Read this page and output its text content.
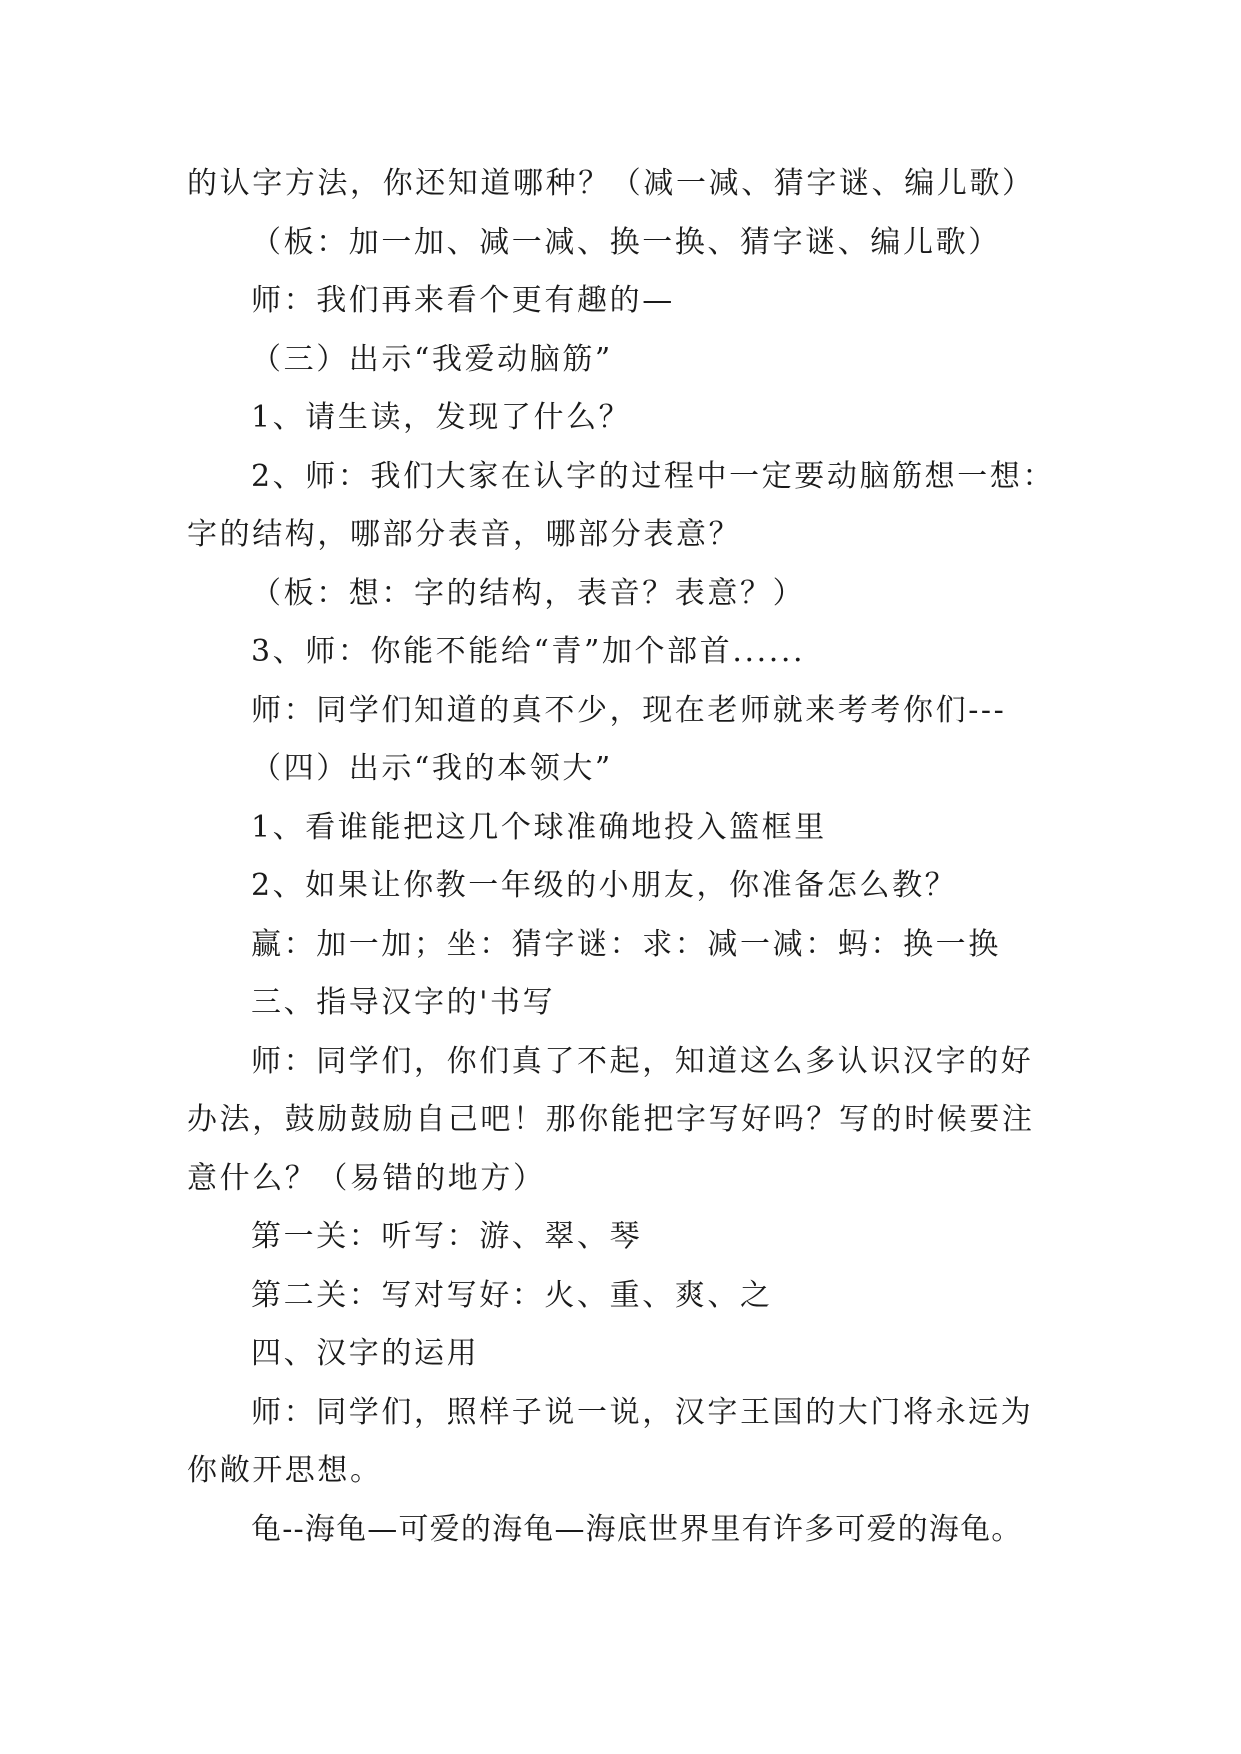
的认字方法，你还知道哪种？（减一减、猜字谜、编儿歌）
（板：加一加、减一减、换一换、猜字谜、编儿歌）
师：我们再来看个更有趣的—
（三）出示“我爱动脑筋”
1、请生读，发现了什么？
2、师：我们大家在认字的过程中一定要动脑筋想一想：
字的结构，哪部分表音，哪部分表意？
（板：想：字的结构，表音？表意？）
3、师：你能不能给“青”加个部首......
师：同学们知道的真不少，现在老师就来考考你们---
（四）出示“我的本领大”
1、看谁能把这几个球准确地投入篮框里
2、如果让你教一年级的小朋友，你准备怎么教？
赢：加一加；坐：猜字谜：求：减一减：蚂：换一换
三、指导汉字的'书写
师：同学们，你们真了不起，知道这么多认识汉字的好
办法，鼓励鼓励自己吧！那你能把字写好吗？写的时候要注
意什么？（易错的地方）
第一关：听写：游、翠、琴
第二关：写对写好：火、重、爽、之
四、汉字的运用
师：同学们，照样子说一说，汉字王国的大门将永远为
你敞开思想。
龟--海龟—可爱的海龟—海底世界里有许多可爱的海龟。
